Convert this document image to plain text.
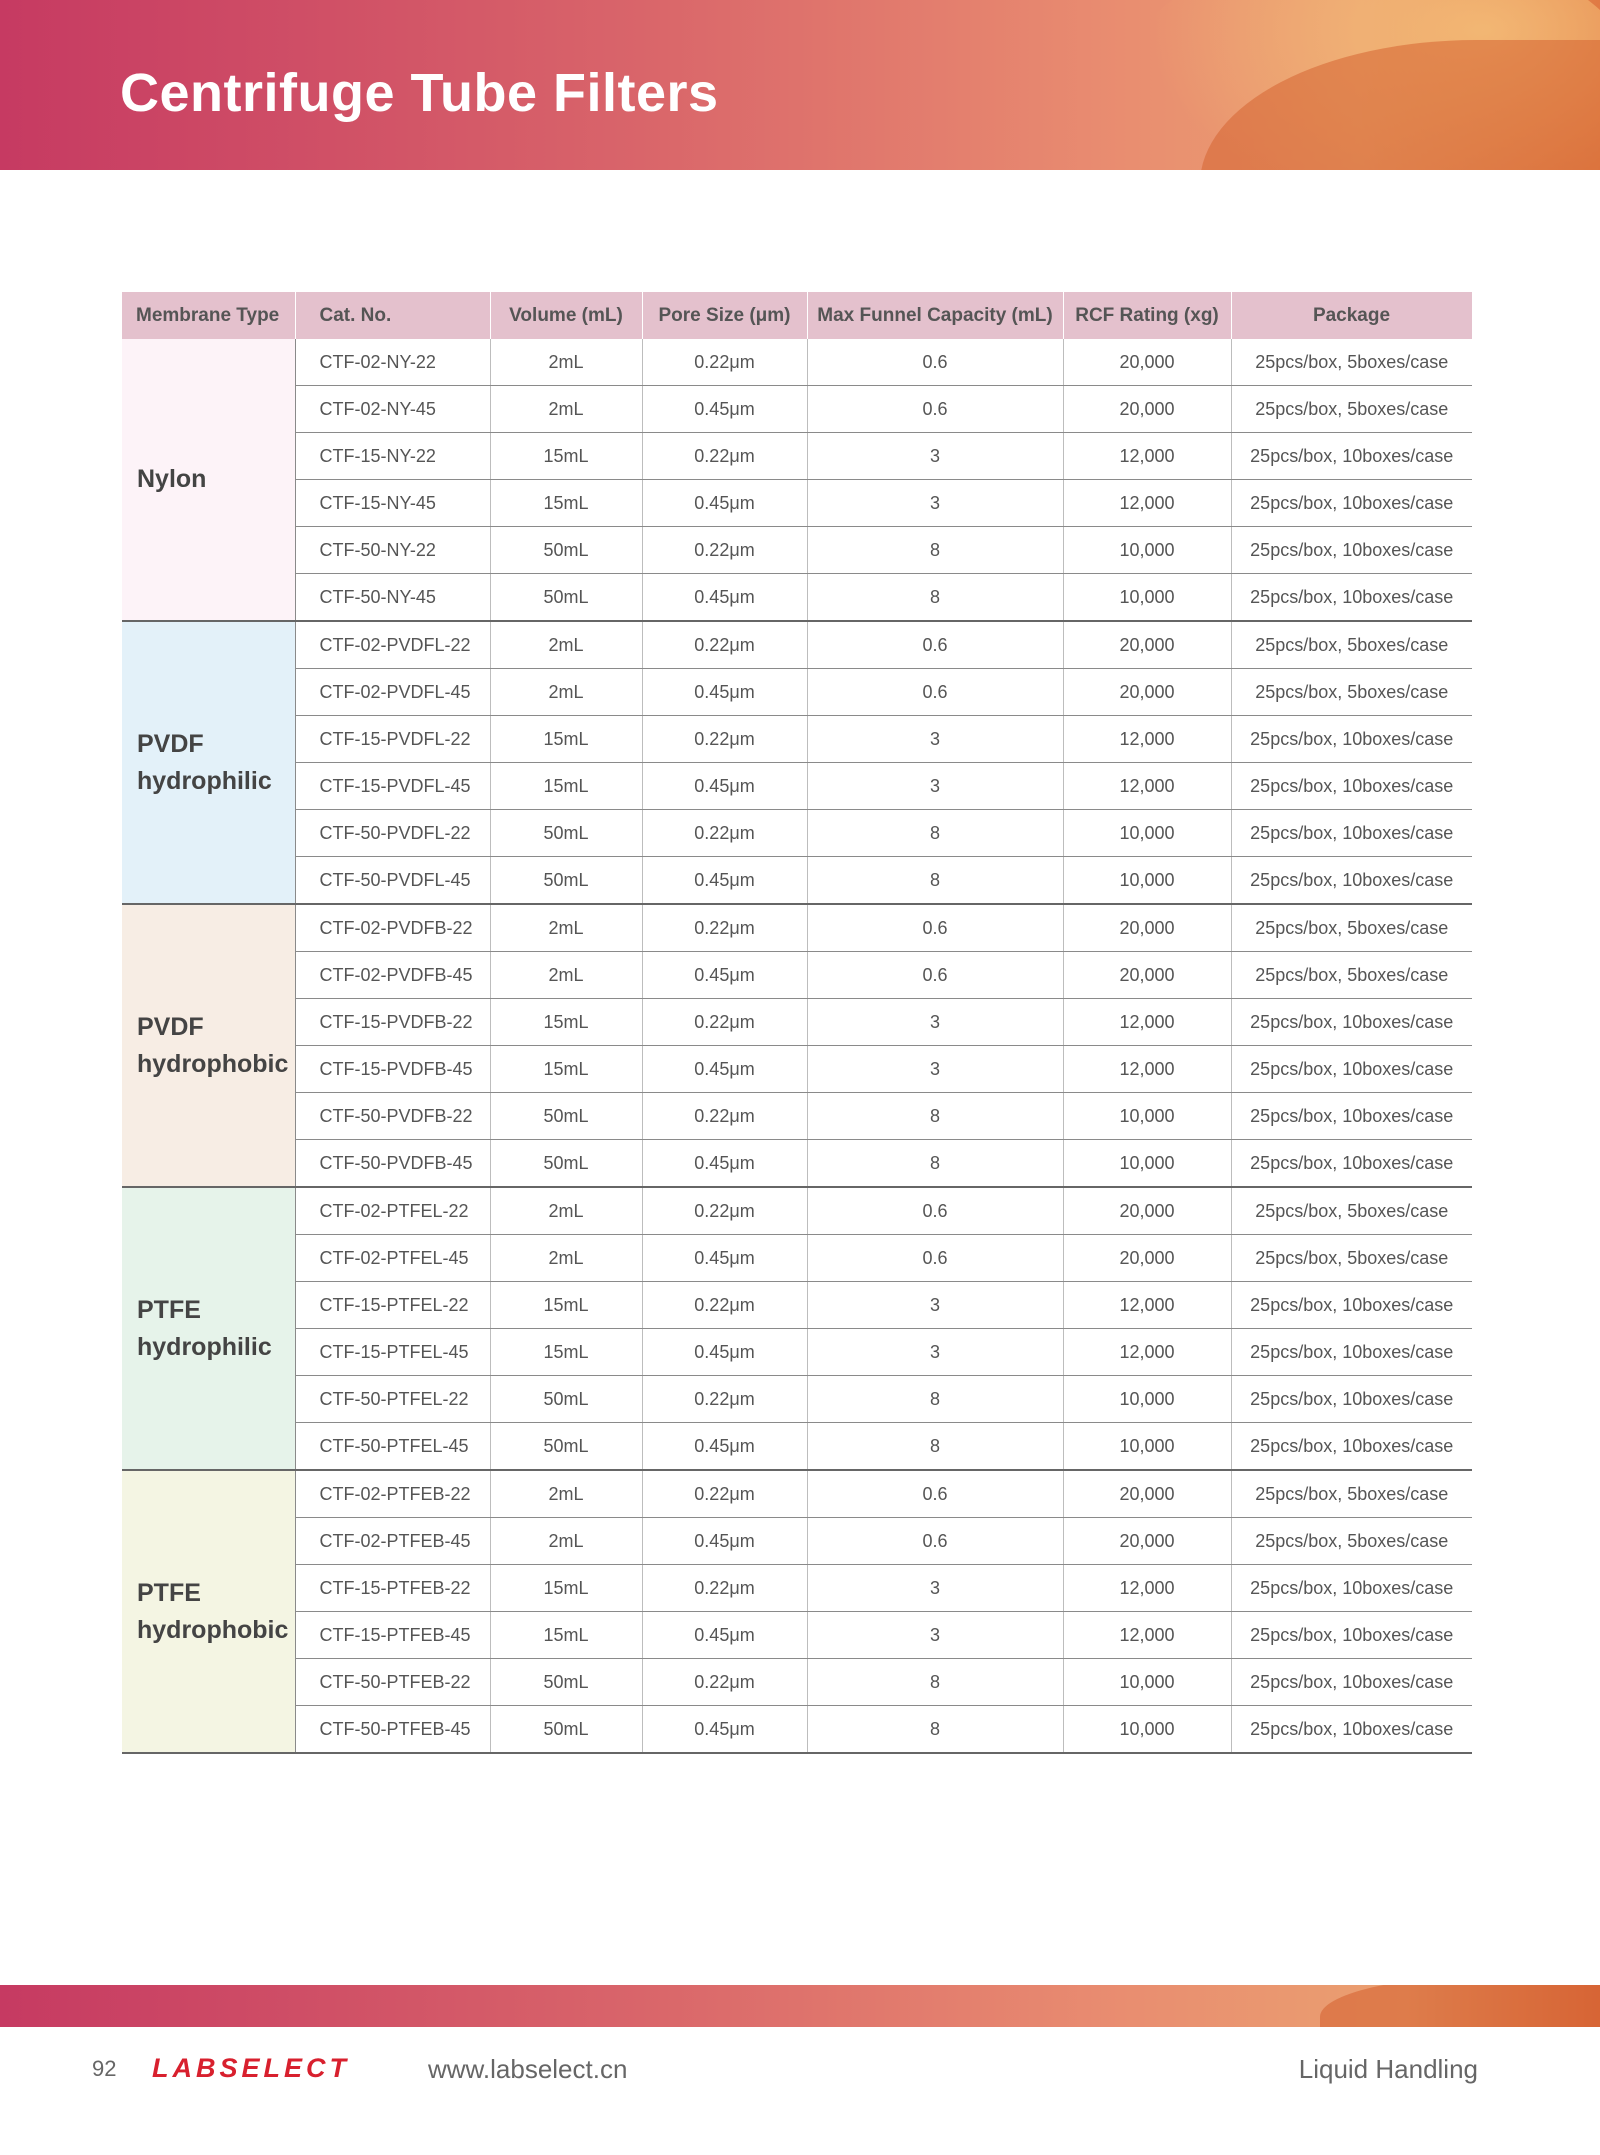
Centrifuge Tube Filters
Membrane Type	Cat. No.	Volume (mL)	Pore Size (μm)	Max Funnel Capacity (mL)	RCF Rating (xg)	Package

Nylon	CTF-02-NY-22	2mL	0.22μm	0.6	20,000	25pcs/box, 5boxes/case
	CTF-02-NY-45	2mL	0.45μm	0.6	20,000	25pcs/box, 5boxes/case
	CTF-15-NY-22	15mL	0.22μm	3	12,000	25pcs/box, 10boxes/case
	CTF-15-NY-45	15mL	0.45μm	3	12,000	25pcs/box, 10boxes/case
	CTF-50-NY-22	50mL	0.22μm	8	10,000	25pcs/box, 10boxes/case
	CTF-50-NY-45	50mL	0.45μm	8	10,000	25pcs/box, 10boxes/case

PVDF
hydrophilic	CTF-02-PVDFL-22	2mL	0.22μm	0.6	20,000	25pcs/box, 5boxes/case
	CTF-02-PVDFL-45	2mL	0.45μm	0.6	20,000	25pcs/box, 5boxes/case
	CTF-15-PVDFL-22	15mL	0.22μm	3	12,000	25pcs/box, 10boxes/case
	CTF-15-PVDFL-45	15mL	0.45μm	3	12,000	25pcs/box, 10boxes/case
	CTF-50-PVDFL-22	50mL	0.22μm	8	10,000	25pcs/box, 10boxes/case
	CTF-50-PVDFL-45	50mL	0.45μm	8	10,000	25pcs/box, 10boxes/case

PVDF
hydrophobic	CTF-02-PVDFB-22	2mL	0.22μm	0.6	20,000	25pcs/box, 5boxes/case
	CTF-02-PVDFB-45	2mL	0.45μm	0.6	20,000	25pcs/box, 5boxes/case
	CTF-15-PVDFB-22	15mL	0.22μm	3	12,000	25pcs/box, 10boxes/case
	CTF-15-PVDFB-45	15mL	0.45μm	3	12,000	25pcs/box, 10boxes/case
	CTF-50-PVDFB-22	50mL	0.22μm	8	10,000	25pcs/box, 10boxes/case
	CTF-50-PVDFB-45	50mL	0.45μm	8	10,000	25pcs/box, 10boxes/case

PTFE
hydrophilic	CTF-02-PTFEL-22	2mL	0.22μm	0.6	20,000	25pcs/box, 5boxes/case
	CTF-02-PTFEL-45	2mL	0.45μm	0.6	20,000	25pcs/box, 5boxes/case
	CTF-15-PTFEL-22	15mL	0.22μm	3	12,000	25pcs/box, 10boxes/case
	CTF-15-PTFEL-45	15mL	0.45μm	3	12,000	25pcs/box, 10boxes/case
	CTF-50-PTFEL-22	50mL	0.22μm	8	10,000	25pcs/box, 10boxes/case
	CTF-50-PTFEL-45	50mL	0.45μm	8	10,000	25pcs/box, 10boxes/case

PTFE
hydrophobic	CTF-02-PTFEB-22	2mL	0.22μm	0.6	20,000	25pcs/box, 5boxes/case
	CTF-02-PTFEB-45	2mL	0.45μm	0.6	20,000	25pcs/box, 5boxes/case
	CTF-15-PTFEB-22	15mL	0.22μm	3	12,000	25pcs/box, 10boxes/case
	CTF-15-PTFEB-45	15mL	0.45μm	3	12,000	25pcs/box, 10boxes/case
	CTF-50-PTFEB-22	50mL	0.22μm	8	10,000	25pcs/box, 10boxes/case
	CTF-50-PTFEB-45	50mL	0.45μm	8	10,000	25pcs/box, 10boxes/case
92 LABSELECT	www.labselect.cn	Liquid Handling
